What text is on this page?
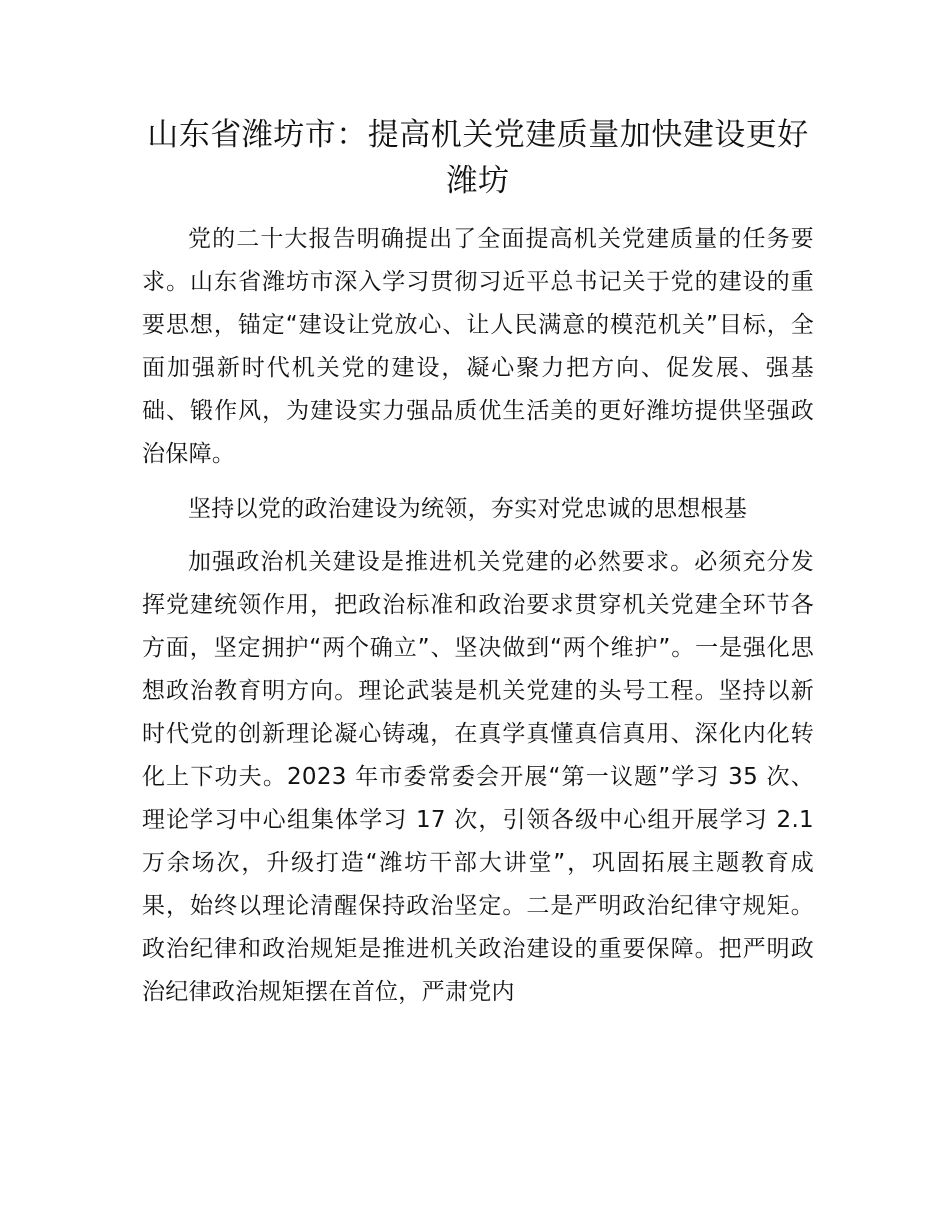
山东省潍坊市：提高机关党建质量加快建设更好潍坊

党的二十大报告明确提出了全面提高机关党建质量的任务要求。山东省潍坊市深入学习贯彻习近平总书记关于党的建设的重要思想，锚定“建设让党放心、让人民满意的模范机关”目标，全面加强新时代机关党的建设，凝心聚力把方向、促发展、强基础、锻作风，为建设实力强品质优生活美的更好潍坊提供坚强政治保障。

坚持以党的政治建设为统领，夯实对党忠诚的思想根基

加强政治机关建设是推进机关党建的必然要求。必须充分发挥党建统领作用，把政治标准和政治要求贯穿机关党建全环节各方面，坚定拥护“两个确立”、坚决做到“两个维护”。一是强化思想政治教育明方向。理论武装是机关党建的头号工程。坚持以新时代党的创新理论凝心铸魂，在真学真懂真信真用、深化内化转化上下功夫。2023 年市委常委会开展“第一议题”学习 35 次、理论学习中心组集体学习 17 次，引领各级中心组开展学习 2.1 万余场次，升级打造“潍坊干部大讲堂”，巩固拓展主题教育成果，始终以理论清醒保持政治坚定。二是严明政治纪律守规矩。政治纪律和政治规矩是推进机关政治建设的重要保障。把严明政治纪律政治规矩摆在首位，严肃党内
